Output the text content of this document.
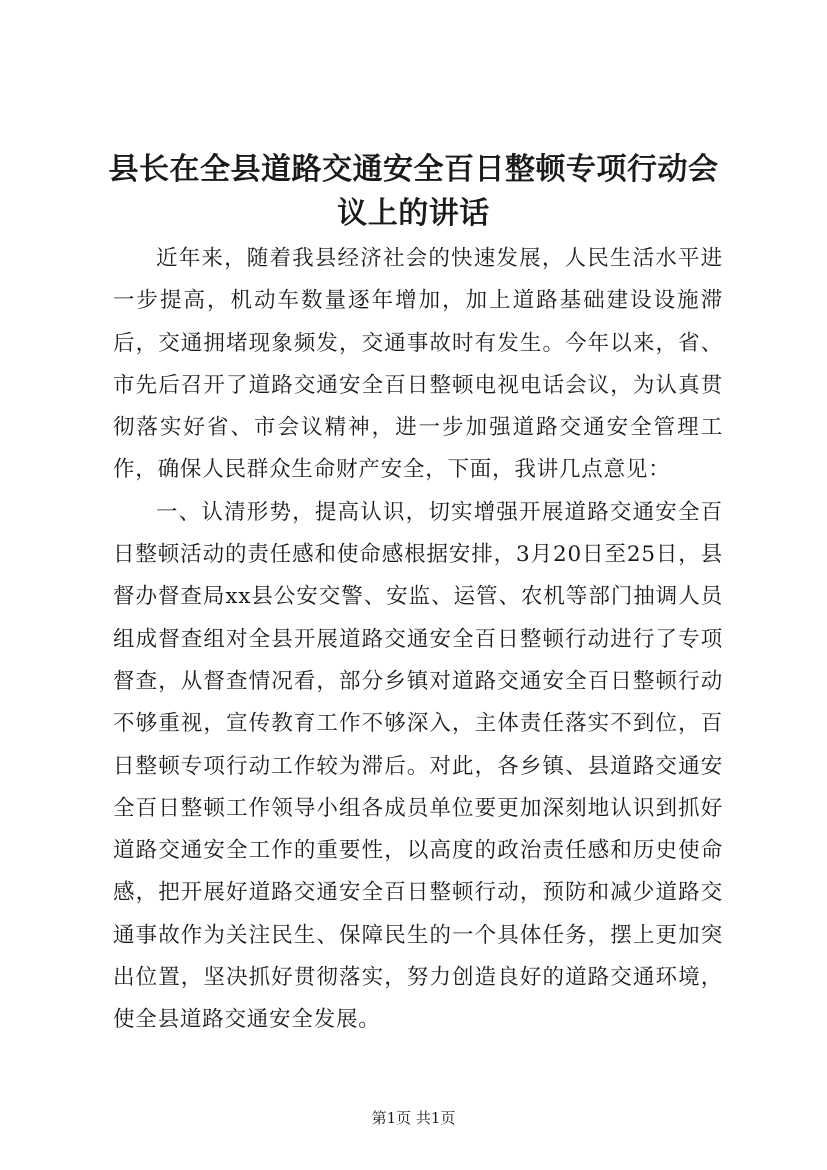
县长在全县道路交通安全百日整顿专项行动会议上的讲话

近年来，随着我县经济社会的快速发展，人民生活水平进一步提高，机动车数量逐年增加，加上道路基础建设设施滞后，交通拥堵现象频发，交通事故时有发生。今年以来，省、市先后召开了道路交通安全百日整顿电视电话会议，为认真贯彻落实好省、市会议精神，进一步加强道路交通安全管理工作，确保人民群众生命财产安全，下面，我讲几点意见：

一、认清形势，提高认识，切实增强开展道路交通安全百日整顿活动的责任感和使命感根据安排，3月20日至25日，县督办督查局xx县公安交警、安监、运管、农机等部门抽调人员组成督查组对全县开展道路交通安全百日整顿行动进行了专项督查，从督查情况看，部分乡镇对道路交通安全百日整顿行动不够重视，宣传教育工作不够深入，主体责任落实不到位，百日整顿专项行动工作较为滞后。对此，各乡镇、县道路交通安全百日整顿工作领导小组各成员单位要更加深刻地认识到抓好道路交通安全工作的重要性，以高度的政治责任感和历史使命感，把开展好道路交通安全百日整顿行动，预防和减少道路交通事故作为关注民生、保障民生的一个具体任务，摆上更加突出位置，坚决抓好贯彻落实，努力创造良好的道路交通环境，使全县道路交通安全发展。

第1页 共1页
